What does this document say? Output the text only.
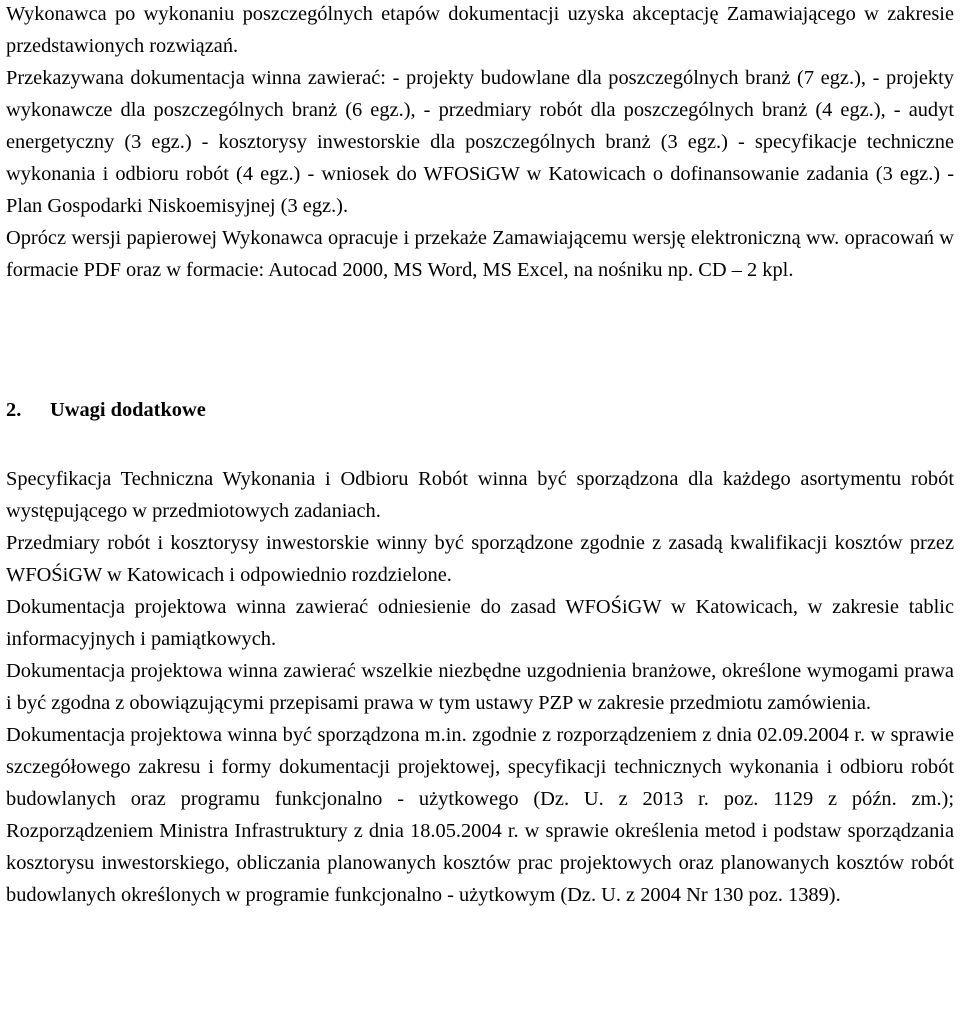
Wykonawca po wykonaniu poszczególnych etapów dokumentacji uzyska akceptację Zamawiającego w zakresie przedstawionych rozwiązań.

Przekazywana dokumentacja winna zawierać: - projekty budowlane dla poszczególnych branż (7 egz.), - projekty wykonawcze dla poszczególnych branż (6 egz.), - przedmiary robót dla poszczególnych branż (4 egz.), - audyt energetyczny (3 egz.) - kosztorysy inwestorskie dla poszczególnych branż (3 egz.) - specyfikacje techniczne wykonania i odbioru robót (4 egz.) - wniosek do WFOSiGW w Katowicach o dofinansowanie zadania (3 egz.) - Plan Gospodarki Niskoemisyjnej (3 egz.).

Oprócz wersji papierowej Wykonawca opracuje i przekaże Zamawiającemu wersję elektroniczną ww. opracowań w formacie PDF oraz w formacie: Autocad 2000, MS Word, MS Excel, na nośniku np. CD – 2 kpl.

2. Uwagi dodatkowe

Specyfikacja Techniczna Wykonania i Odbioru Robót winna być sporządzona dla każdego asortymentu robót występującego w przedmiotowych zadaniach.

Przedmiary robót i kosztorysy inwestorskie winny być sporządzone zgodnie z zasadą kwalifikacji kosztów przez WFOŚiGW w Katowicach i odpowiednio rozdzielone.

Dokumentacja projektowa winna zawierać odniesienie do zasad WFOŚiGW w Katowicach, w zakresie tablic informacyjnych i pamiątkowych.

Dokumentacja projektowa winna zawierać wszelkie niezbędne uzgodnienia branżowe, określone wymogami prawa i być zgodna z obowiązującymi przepisami prawa w tym ustawy PZP w zakresie przedmiotu zamówienia.

Dokumentacja projektowa winna być sporządzona m.in. zgodnie z rozporządzeniem z dnia 02.09.2004 r. w sprawie szczegółowego zakresu i formy dokumentacji projektowej, specyfikacji technicznych wykonania i odbioru robót budowlanych oraz programu funkcjonalno - użytkowego (Dz. U. z 2013 r. poz. 1129 z późn. zm.); Rozporządzeniem Ministra Infrastruktury z dnia 18.05.2004 r. w sprawie określenia metod i podstaw sporządzania kosztorysu inwestorskiego, obliczania planowanych kosztów prac projektowych oraz planowanych kosztów robót budowlanych określonych w programie funkcjonalno - użytkowym (Dz. U. z 2004 Nr 130 poz. 1389).
